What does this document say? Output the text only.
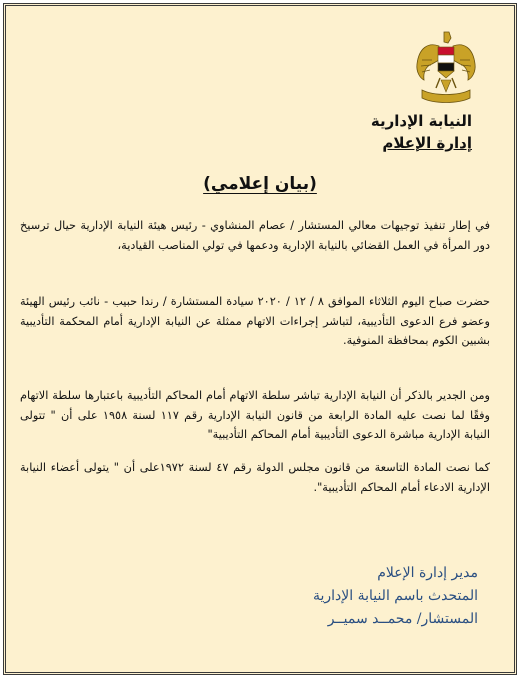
النيابة الإدارية
إدارة الإعلام
(بيان إعلامي)
في إطار تنفيذ توجيهات معالي المستشار / عصام المنشاوي - رئيس هيئة النيابة الإدارية حيال ترسيخ دور المرأة في العمل القضائي بالنيابة الإدارية ودعمها في تولي المناصب القيادية،
حضرت صباح اليوم الثلاثاء الموافق ٨ / ١٢ / ٢٠٢٠ سيادة المستشارة / رندا حبيب - نائب رئيس الهيئة وعضو فرع الدعوى التأديبية، لتباشر إجراءات الاتهام ممثلة عن النيابة الإدارية أمام المحكمة التأديبية بشبين الكوم بمحافظة المنوفية.
ومن الجدير بالذكر أن النيابة الإدارية تباشر سلطة الاتهام أمام المحاكم التأديبية باعتبارها سلطة الاتهام وفقًا لما نصت عليه المادة الرابعة من قانون النيابة الإدارية رقم ١١٧ لسنة ١٩٥٨ على أن " تتولى النيابة الإدارية مباشرة الدعوى التأديبية أمام المحاكم التأديبية"
كما نصت المادة التاسعة من قانون مجلس الدولة رقم ٤٧ لسنة ١٩٧٢على أن " يتولى أعضاء النيابة الإدارية الادعاء أمام المحاكم التأديبية".
مدير إدارة الإعلام
المتحدث باسم النيابة الإدارية
المستشار/ محمــد سميــر
